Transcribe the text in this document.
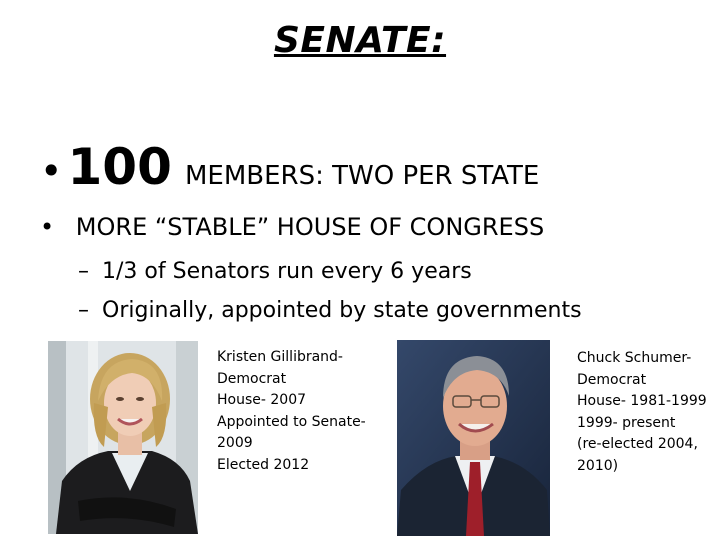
SENATE:
• 100 MEMBERS: TWO PER STATE
• MORE “STABLE” HOUSE OF CONGRESS
– 1/3 of Senators run every 6 years
– Originally, appointed by state governments
Kristen Gillibrand-
Democrat
House- 2007
Appointed to Senate-
2009
Elected 2012
Chuck Schumer-
Democrat
House- 1981-1999
1999- present
(re-elected 2004,
2010)
